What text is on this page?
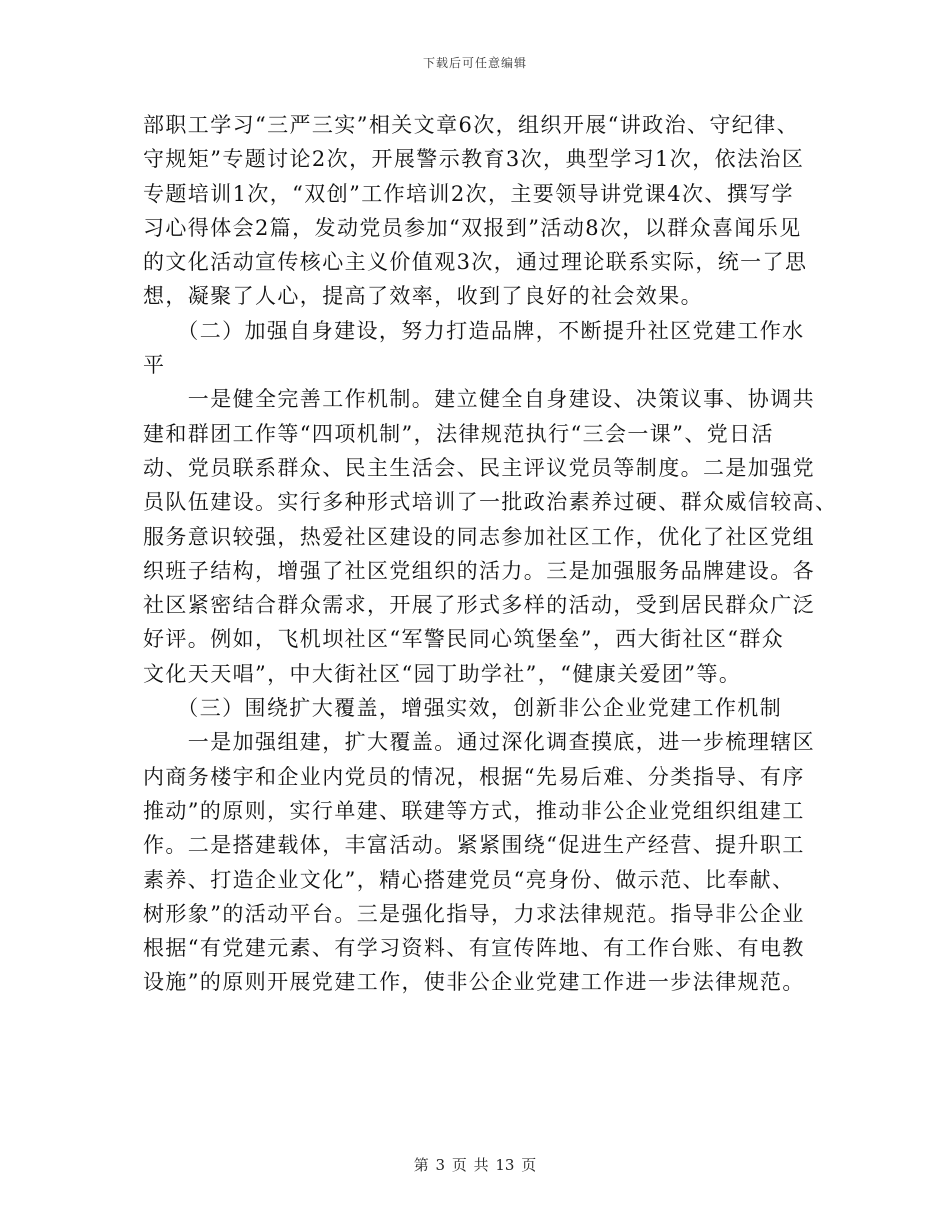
下载后可任意编辑
部职工学习“三严三实”相关文章6次，组织开展“讲政治、守纪律、
守规矩”专题讨论2次，开展警示教育3次，典型学习1次，依法治区
专题培训1次，“双创”工作培训2次，主要领导讲党课4次、撰写学
习心得体会2篇，发动党员参加“双报到”活动8次，以群众喜闻乐见
的文化活动宣传核心主义价值观3次，通过理论联系实际，统一了思
想，凝聚了人心，提高了效率，收到了良好的社会效果。
　　（二）加强自身建设，努力打造品牌，不断提升社区党建工作水
平
　　一是健全完善工作机制。建立健全自身建设、决策议事、协调共
建和群团工作等“四项机制”，法律规范执行“三会一课”、党日活
动、党员联系群众、民主生活会、民主评议党员等制度。二是加强党
员队伍建设。实行多种形式培训了一批政治素养过硬、群众威信较高、
服务意识较强，热爱社区建设的同志参加社区工作，优化了社区党组
织班子结构，增强了社区党组织的活力。三是加强服务品牌建设。各
社区紧密结合群众需求，开展了形式多样的活动，受到居民群众广泛
好评。例如，飞机坝社区“军警民同心筑堡垒”，西大街社区“群众
文化天天唱”，中大街社区“园丁助学社”，“健康关爱团”等。
　　（三）围绕扩大覆盖，增强实效，创新非公企业党建工作机制
　　一是加强组建，扩大覆盖。通过深化调查摸底，进一步梳理辖区
内商务楼宇和企业内党员的情况，根据“先易后难、分类指导、有序
推动”的原则，实行单建、联建等方式，推动非公企业党组织组建工
作。二是搭建载体，丰富活动。紧紧围绕“促进生产经营、提升职工
素养、打造企业文化”，精心搭建党员“亮身份、做示范、比奉献、
树形象”的活动平台。三是强化指导，力求法律规范。指导非公企业
根据“有党建元素、有学习资料、有宣传阵地、有工作台账、有电教
设施”的原则开展党建工作，使非公企业党建工作进一步法律规范。
第 3 页 共 13 页
